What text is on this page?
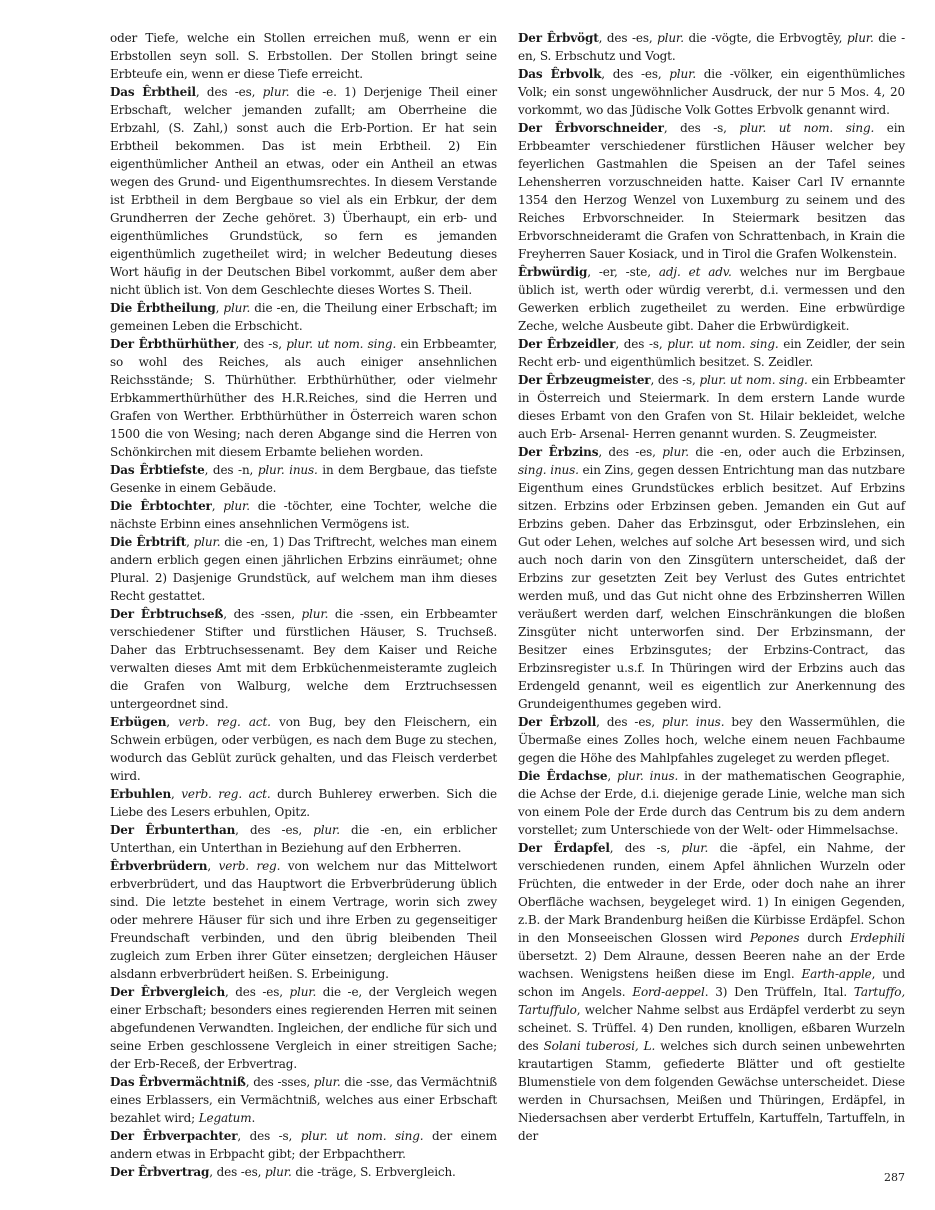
oder Tiefe, welche ein Stollen erreichen muß, wenn er ein Erbstollen seyn soll. S. Erbstollen. Der Stollen bringt seine Erbteufe ein, wenn er diese Tiefe erreicht.

Das Êrbtheil, des -es, plur. die -e. 1) Derjenige Theil einer Erbschaft, welcher jemanden zufallt; am Oberrheine die Erbzahl, (S. Zahl,) sonst auch die Erb-Portion. Er hat sein Erbtheil bekommen. Das ist mein Erbtheil. 2) Ein eigenthümlicher Antheil an etwas, oder ein Antheil an etwas wegen des Grund- und Eigenthumsrechtes. In diesem Verstande ist Erbtheil in dem Bergbaue so viel als ein Erbkur, der dem Grundherren der Zeche gehöret. 3) Überhaupt, ein erb- und eigenthümliches Grundstück, so fern es jemanden eigenthümlich zugetheilet wird; in welcher Bedeutung dieses Wort häufig in der Deutschen Bibel vorkommt, außer dem aber nicht üblich ist. Von dem Geschlechte dieses Wortes S. Theil.

Die Êrbtheilung, plur. die -en, die Theilung einer Erbschaft; im gemeinen Leben die Erbschicht.

Der Êrbthürhüther, des -s, plur. ut nom. sing. ein Erbbeamter, so wohl des Reiches, als auch einiger ansehnlichen Reichsstände; S. Thürhüther. Erbthürhüther, oder vielmehr Erbkammerthürhüther des H.R.Reiches, sind die Herren und Grafen von Werther. Erbthürhüther in Österreich waren schon 1500 die von Wesing; nach deren Abgange sind die Herren von Schönkirchen mit diesem Erbamte beliehen worden.

Das Êrbtiefste, des -n, plur. inus. in dem Bergbaue, das tiefste Gesenke in einem Gebäude.

Die Êrbtochter, plur. die -töchter, eine Tochter, welche die nächste Erbinn eines ansehnlichen Vermögens ist.

Die Êrbtrift, plur. die -en, 1) Das Triftrecht, welches man einem andern erblich gegen einen jährlichen Erbzins einräumet; ohne Plural. 2) Dasjenige Grundstück, auf welchem man ihm dieses Recht gestattet.

Der Êrbtruchseß, des -ssen, plur. die -ssen, ein Erbbeamter verschiedener Stifter und fürstlichen Häuser, S. Truchseß. Daher das Erbtruchsessenamt. Bey dem Kaiser und Reiche verwalten dieses Amt mit dem Erbküchenmeisteramte zugleich die Grafen von Walburg, welche dem Erztruchsessen untergeordnet sind.

Erbügen, verb. reg. act. von Bug, bey den Fleischern, ein Schwein erbügen, oder verbügen, es nach dem Buge zu stechen, wodurch das Geblüt zurück gehalten, und das Fleisch verderbet wird.

Erbuhlen, verb. reg. act. durch Buhlerey erwerben. Sich die Liebe des Lesers erbuhlen, Opitz.

Der Êrbunterthan, des -es, plur. die -en, ein erblicher Unterthan, ein Unterthan in Beziehung auf den Erbherren.

Êrbverbrüdern, verb. reg. von welchem nur das Mittelwort erbverbrüdert, und das Hauptwort die Erbverbrüderung üblich sind. Die letzte bestehet in einem Vertrage, worin sich zwey oder mehrere Häuser für sich und ihre Erben zu gegenseitiger Freundschaft verbinden, und den übrig bleibenden Theil zugleich zum Erben ihrer Güter einsetzen; dergleichen Häuser alsdann erbverbrüdert heißen. S. Erbeinigung.

Der Êrbvergleich, des -es, plur. die -e, der Vergleich wegen einer Erbschaft; besonders eines regierenden Herren mit seinen abgefundenen Verwandten. Ingleichen, der endliche für sich und seine Erben geschlossene Vergleich in einer streitigen Sache; der Erb-Receß, der Erbvertrag.

Das Êrbvermächtniß, des -sses, plur. die -sse, das Vermächtniß eines Erblassers, ein Vermächtniß, welches aus einer Erbschaft bezahlet wird; Legatum.

Der Êrbverpachter, des -s, plur. ut nom. sing. der einem andern etwas in Erbpacht gibt; der Erbpachtherr.

Der Êrbvertrag, des -es, plur. die -träge, S. Erbvergleich.

Der Êrbvögt, des -es, plur. die -vögte, die Erbvogtēy, plur. die -en, S. Erbschutz und Vogt.

Das Êrbvolk, des -es, plur. die -völker, ein eigenthümliches Volk; ein sonst ungewöhnlicher Ausdruck, der nur 5 Mos. 4, 20 vorkommt, wo das Jüdische Volk Gottes Erbvolk genannt wird.

Der Êrbvorschneider, des -s, plur. ut nom. sing. ein Erbbeamter verschiedener fürstlichen Häuser welcher bey feyerlichen Gastmahlen die Speisen an der Tafel seines Lehensherren vorzuschneiden hatte. Kaiser Carl IV ernannte 1354 den Herzog Wenzel von Luxemburg zu seinem und des Reiches Erbvorschneider. In Steiermark besitzen das Erbvorschneideramt die Grafen von Schrattenbach, in Krain die Freyherren Sauer Kosiack, und in Tirol die Grafen Wolkenstein.

Êrbwürdig, -er, -ste, adj. et adv. welches nur im Bergbaue üblich ist, werth oder würdig vererbt, d.i. vermessen und den Gewerken erblich zugetheilet zu werden. Eine erbwürdige Zeche, welche Ausbeute gibt. Daher die Erbwürdigkeit.

Der Êrbzeidler, des -s, plur. ut nom. sing. ein Zeidler, der sein Recht erb- und eigenthümlich besitzet. S. Zeidler.

Der Êrbzeugmeister, des -s, plur. ut nom. sing. ein Erbbeamter in Österreich und Steiermark. In dem erstern Lande wurde dieses Erbamt von den Grafen von St. Hilair bekleidet, welche auch Erb- Arsenal- Herren genannt wurden. S. Zeugmeister.

Der Êrbzins, des -es, plur. die -en, oder auch die Erbzinsen, sing. inus. ein Zins, gegen dessen Entrichtung man das nutzbare Eigenthum eines Grundstückes erblich besitzet. Auf Erbzins sitzen. Erbzins oder Erbzinsen geben. Jemanden ein Gut auf Erbzins geben. Daher das Erbzinsgut, oder Erbzinslehen, ein Gut oder Lehen, welches auf solche Art besessen wird, und sich auch noch darin von den Zinsgütern unterscheidet, daß der Erbzins zur gesetzten Zeit bey Verlust des Gutes entrichtet werden muß, und das Gut nicht ohne des Erbzinsherren Willen veräußert werden darf, welchen Einschränkungen die bloßen Zinsgüter nicht unterworfen sind. Der Erbzinsmann, der Besitzer eines Erbzinsgutes; der Erbzins-Contract, das Erbzinsregister u.s.f. In Thüringen wird der Erbzins auch das Erdengeld genannt, weil es eigentlich zur Anerkennung des Grundeigenthumes gegeben wird.

Der Êrbzoll, des -es, plur. inus. bey den Wassermühlen, die Übermaße eines Zolles hoch, welche einem neuen Fachbaume gegen die Höhe des Mahlpfahles zugeleget zu werden pfleget.

Die Êrdachse, plur. inus. in der mathematischen Geographie, die Achse der Erde, d.i. diejenige gerade Linie, welche man sich von einem Pole der Erde durch das Centrum bis zu dem andern vorstellet; zum Unterschiede von der Welt- oder Himmelsachse.

Der Êrdapfel, des -s, plur. die -äpfel, ein Nahme, der verschiedenen runden, einem Apfel ähnlichen Wurzeln oder Früchten, die entweder in der Erde, oder doch nahe an ihrer Oberfläche wachsen, beygeleget wird. 1) In einigen Gegenden, z.B. der Mark Brandenburg heißen die Kürbisse Erdäpfel. Schon in den Monseeischen Glossen wird Pepones durch Erdephili übersetzt. 2) Dem Alraune, dessen Beeren nahe an der Erde wachsen. Wenigstens heißen diese im Engl. Earth-apple, und schon im Angels. Eord-aeppel. 3) Den Trüffeln, Ital. Tartuffo, Tartuffulo, welcher Nahme selbst aus Erdäpfel verderbt zu seyn scheinet. S. Trüffel. 4) Den runden, knolligen, eßbaren Wurzeln des Solani tuberosi, L. welches sich durch seinen unbewehrten krautartigen Stamm, gefiederte Blätter und oft gestielte Blumenstiele von dem folgenden Gewächse unterscheidet. Diese werden in Chursachsen, Meißen und Thüringen, Erdäpfel, in Niedersachsen aber verderbt Ertuffeln, Kartuffeln, Tartuffeln, in der

287
